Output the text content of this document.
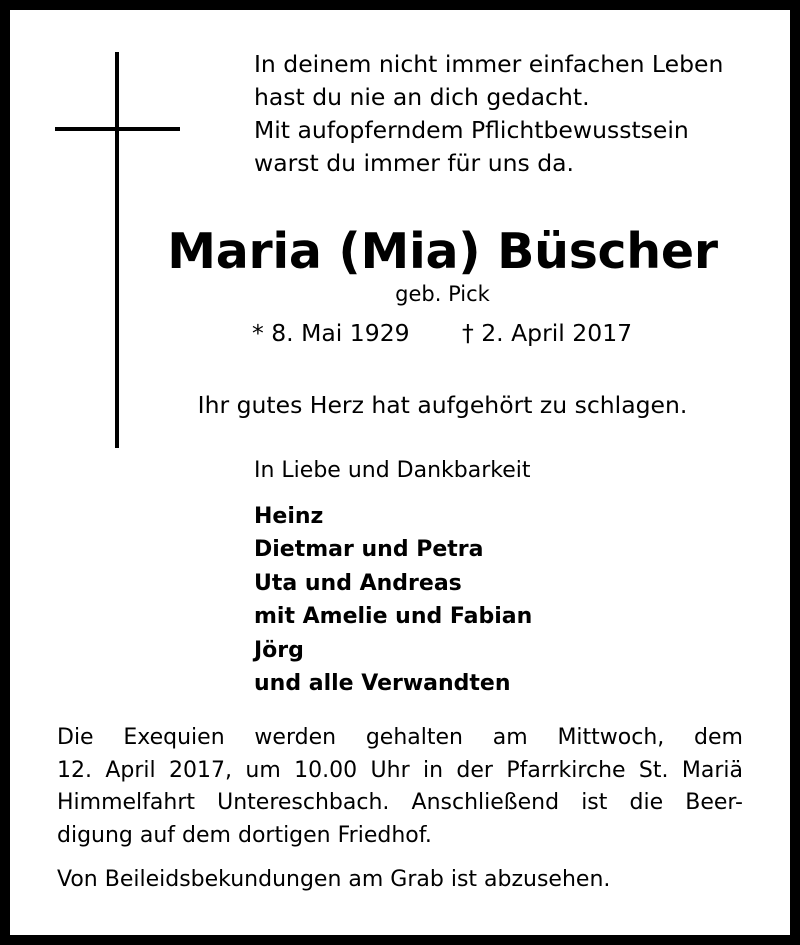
In deinem nicht immer einfachen Leben
hast du nie an dich gedacht.
Mit aufopferndem Pflichtbewusstsein
warst du immer für uns da.
Maria (Mia) Büscher
geb. Pick
* 8. Mai 1929 † 2. April 2017
Ihr gutes Herz hat aufgehört zu schlagen.
In Liebe und Dankbarkeit
Heinz
Dietmar und Petra
Uta und Andreas
mit Amelie und Fabian
Jörg
und alle Verwandten
Die Exequien werden gehalten am Mittwoch, dem
12. April 2017, um 10.00 Uhr in der Pfarrkirche St. Mariä
Himmelfahrt Untereschbach. Anschließend ist die Beer-
digung auf dem dortigen Friedhof.
Von Beileidsbekundungen am Grab ist abzusehen.
